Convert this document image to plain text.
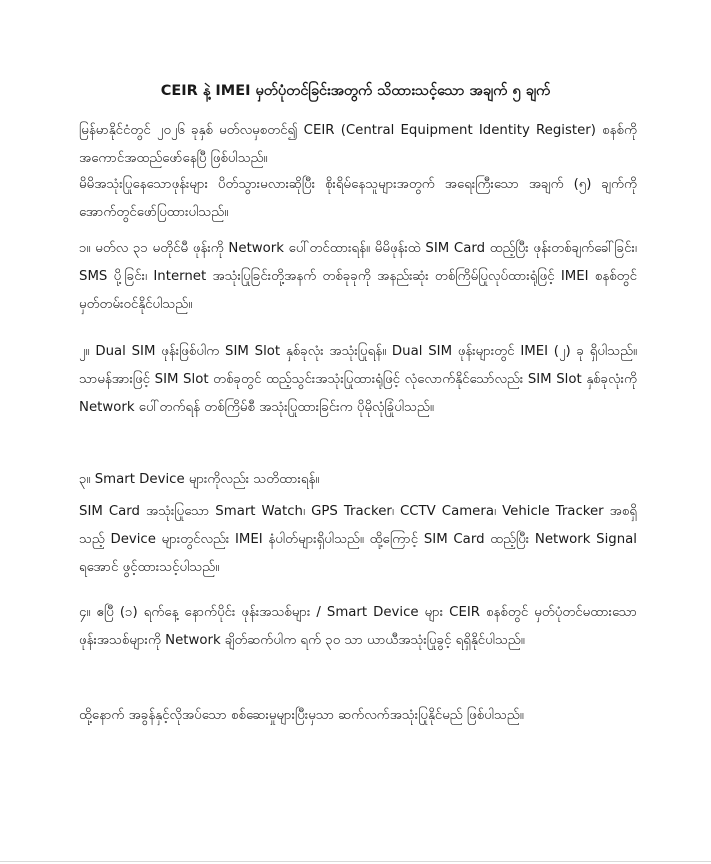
CEIR နဲ့ IMEI မှတ်ပုံတင်ခြင်းအတွက် သိထားသင့်သော အချက် ၅ ချက်

မြန်မာနိုင်ငံတွင် ၂၀၂၆ ခုနှစ် မတ်လမှစတင်၍ CEIR (Central Equipment Identity Register) စနစ်ကို အကောင်အထည်ဖော်နေပြီ ဖြစ်ပါသည်။

မိမိအသုံးပြုနေသောဖုန်းများ ပိတ်သွားမလားဆိုပြီး စိုးရိမ်နေသူများအတွက် အရေးကြီးသော အချက် (၅) ချက်ကို အောက်တွင်ဖော်ပြထားပါသည်။

၁။ မတ်လ ၃၁ မတိုင်မီ ဖုန်းကို Network ပေါ်တင်ထားရန်။ မိမိဖုန်းထဲ SIM Card ထည့်ပြီး ဖုန်းတစ်ချက်ခေါ်ခြင်း၊ SMS ပို့ခြင်း၊ Internet အသုံးပြုခြင်းတို့အနက် တစ်ခုခုကို အနည်းဆုံး တစ်ကြိမ်ပြုလုပ်ထားရုံဖြင့် IMEI စနစ်တွင် မှတ်တမ်းဝင်နိုင်ပါသည်။

၂။ Dual SIM ဖုန်းဖြစ်ပါက SIM Slot နှစ်ခုလုံး အသုံးပြုရန်။ Dual SIM ဖုန်းများတွင် IMEI (၂) ခု ရှိပါသည်။ သာမန်အားဖြင့် SIM Slot တစ်ခုတွင် ထည့်သွင်းအသုံးပြုထားရုံဖြင့် လုံလောက်နိုင်သော်လည်း SIM Slot နှစ်ခုလုံးကို Network ပေါ်တက်ရန် တစ်ကြိမ်စီ အသုံးပြုထားခြင်းက ပိုမိုလုံခြုံပါသည်။

၃။ Smart Device များကိုလည်း သတိထားရန်။

SIM Card အသုံးပြုသော Smart Watch၊ GPS Tracker၊ CCTV Camera၊ Vehicle Tracker အစရှိသည့် Device များတွင်လည်း IMEI နံပါတ်များရှိပါသည်။ ထို့ကြောင့် SIM Card ထည့်ပြီး Network Signal ရအောင် ဖွင့်ထားသင့်ပါသည်။

၄။ ဧပြီ (၁) ရက်နေ့ နောက်ပိုင်း ဖုန်းအသစ်များ / Smart Device များ CEIR စနစ်တွင် မှတ်ပုံတင်မထားသော ဖုန်းအသစ်များကို Network ချိတ်ဆက်ပါက ရက် ၃၀ သာ ယာယီအသုံးပြုခွင့် ရရှိနိုင်ပါသည်။

ထို့နောက် အခွန်နှင့်လိုအပ်သော စစ်ဆေးမှုများပြီးမှသာ ဆက်လက်အသုံးပြုနိုင်မည် ဖြစ်ပါသည်။
